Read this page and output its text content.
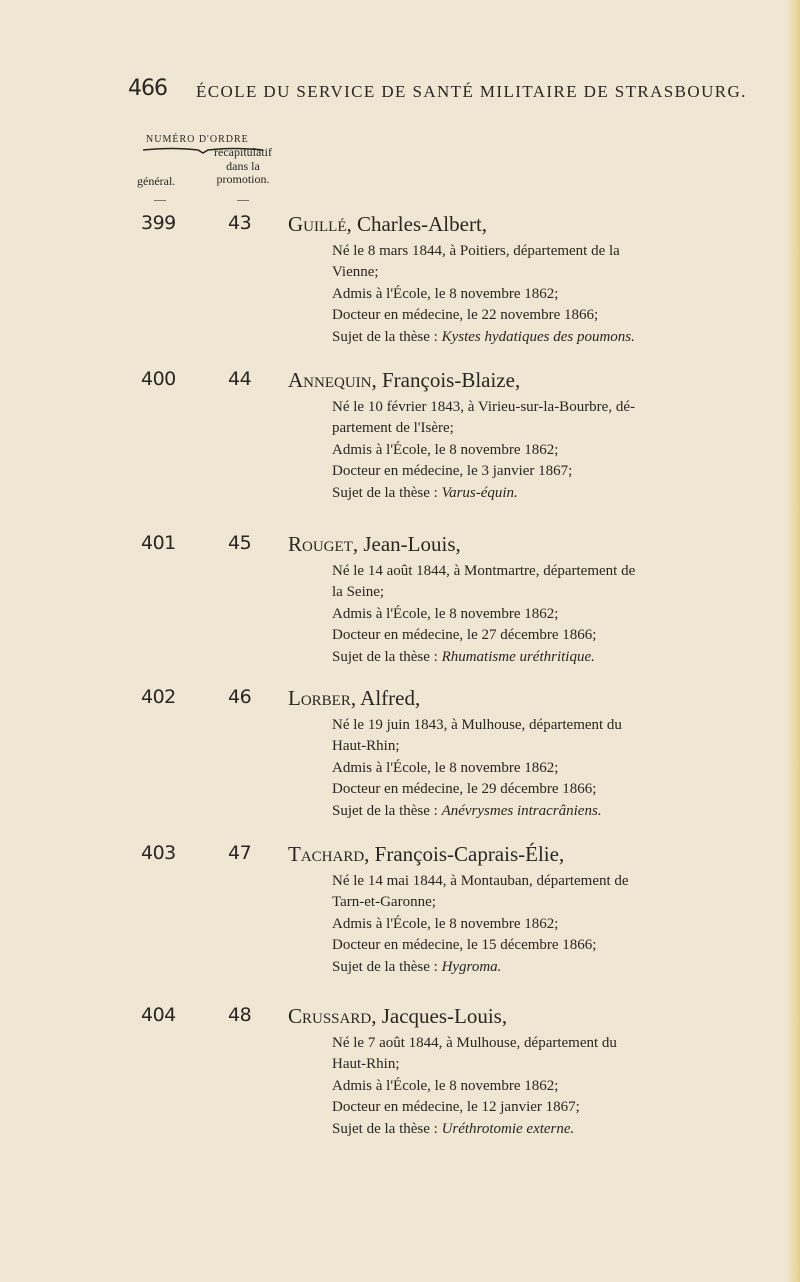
466 ÉCOLE DU SERVICE DE SANTÉ MILITAIRE DE STRASBOURG.
NUMÉRO D'ORDRE
général.
récapitulatif
dans la
promotion.
—	—
399	43 Guillé, Charles-Albert,
Né le 8 mars 1844, à Poitiers, département de la
Vienne;
Admis à l'École, le 8 novembre 1862;
Docteur en médecine, le 22 novembre 1866;
Sujet de la thèse : Kystes hydatiques des poumons.
400	44 Annequin, François-Blaize,
Né le 10 février 1843, à Virieu-sur-la-Bourbre, dé-
partement de l'Isère;
Admis à l'École, le 8 novembre 1862;
Docteur en médecine, le 3 janvier 1867;
Sujet de la thèse : Varus-équin.
401	45 Rouget, Jean-Louis,
Né le 14 août 1844, à Montmartre, département de
la Seine;
Admis à l'École, le 8 novembre 1862;
Docteur en médecine, le 27 décembre 1866;
Sujet de la thèse : Rhumatisme uréthritique.
402	46 Lorber, Alfred,
Né le 19 juin 1843, à Mulhouse, département du
Haut-Rhin;
Admis à l'École, le 8 novembre 1862;
Docteur en médecine, le 29 décembre 1866;
Sujet de la thèse : Anévrysmes intracrâniens.
403	47 Tachard, François-Caprais-Élie,
Né le 14 mai 1844, à Montauban, département de
Tarn-et-Garonne;
Admis à l'École, le 8 novembre 1862;
Docteur en médecine, le 15 décembre 1866;
Sujet de la thèse : Hygroma.
404	48 Crussard, Jacques-Louis,
Né le 7 août 1844, à Mulhouse, département du
Haut-Rhin;
Admis à l'École, le 8 novembre 1862;
Docteur en médecine, le 12 janvier 1867;
Sujet de la thèse : Uréthrotomie externe.
